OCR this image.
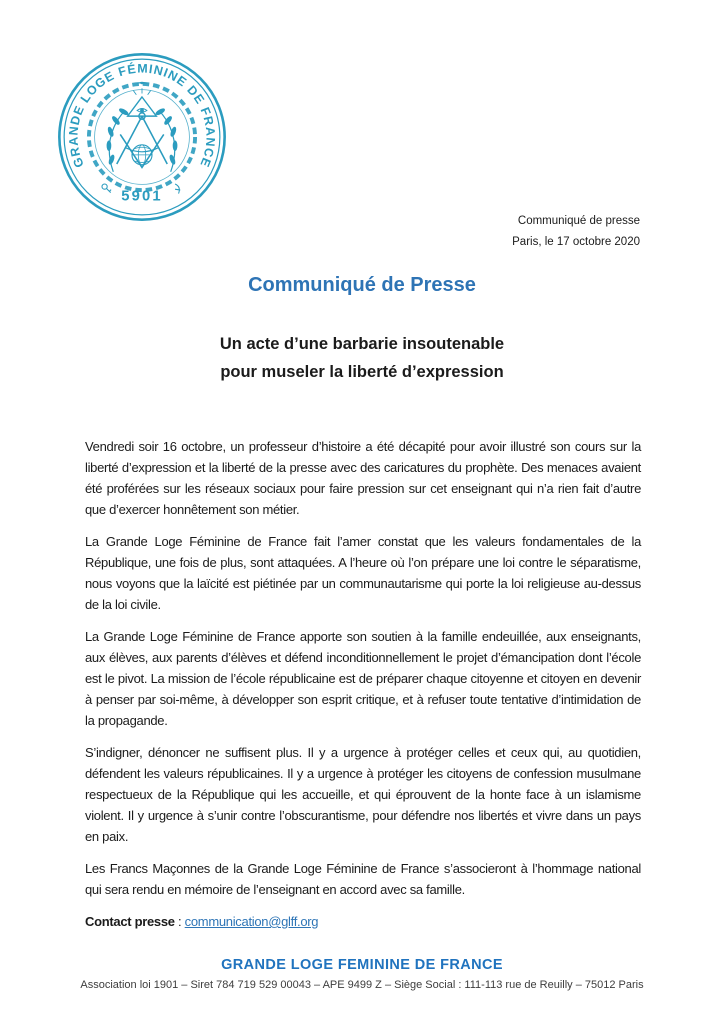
GRANDE LOGE FÉMININE DE FRANCE
5901
Communiqué de presse
Paris, le 17 octobre 2020
Communiqué de Presse
Un acte d’une barbarie insoutenable
pour museler la liberté d’expression

Vendredi soir 16 octobre, un professeur d’histoire a été décapité pour avoir illustré son cours sur la liberté d’expression et la liberté de la presse avec des caricatures du prophète. Des menaces avaient été proférées sur les réseaux sociaux pour faire pression sur cet enseignant qui n’a rien fait d’autre que d’exercer honnêtement son métier.

La Grande Loge Féminine de France fait l’amer constat que les valeurs fondamentales de la République, une fois de plus, sont attaquées. A l’heure où l’on prépare une loi contre le séparatisme, nous voyons que la laïcité est piétinée par un communautarisme qui porte la loi religieuse au-dessus de la loi civile.

La Grande Loge Féminine de France apporte son soutien à la famille endeuillée, aux enseignants, aux élèves, aux parents d’élèves et défend inconditionnellement le projet d’émancipation dont l’école est le pivot. La mission de l’école républicaine est de préparer chaque citoyenne et citoyen en devenir à penser par soi-même, à développer son esprit critique, et à refuser toute tentative d’intimidation de la propagande.

S’indigner, dénoncer ne suffisent plus. Il y a urgence à protéger celles et ceux qui, au quotidien, défendent les valeurs républicaines. Il y a urgence à protéger les citoyens de confession musulmane respectueux de la République qui les accueille, et qui éprouvent de la honte face à un islamisme violent. Il y urgence à s’unir contre l’obscurantisme, pour défendre nos libertés et vivre dans un pays en paix.

Les Francs Maçonnes de la Grande Loge Féminine de France s’associeront à l’hommage national qui sera rendu en mémoire de l’enseignant en accord avec sa famille.

Contact presse : communication@glff.org

GRANDE LOGE FEMININE DE FRANCE
Association loi 1901 – Siret 784 719 529 00043 – APE 9499 Z – Siège Social : 111-113 rue de Reuilly – 75012 Paris
